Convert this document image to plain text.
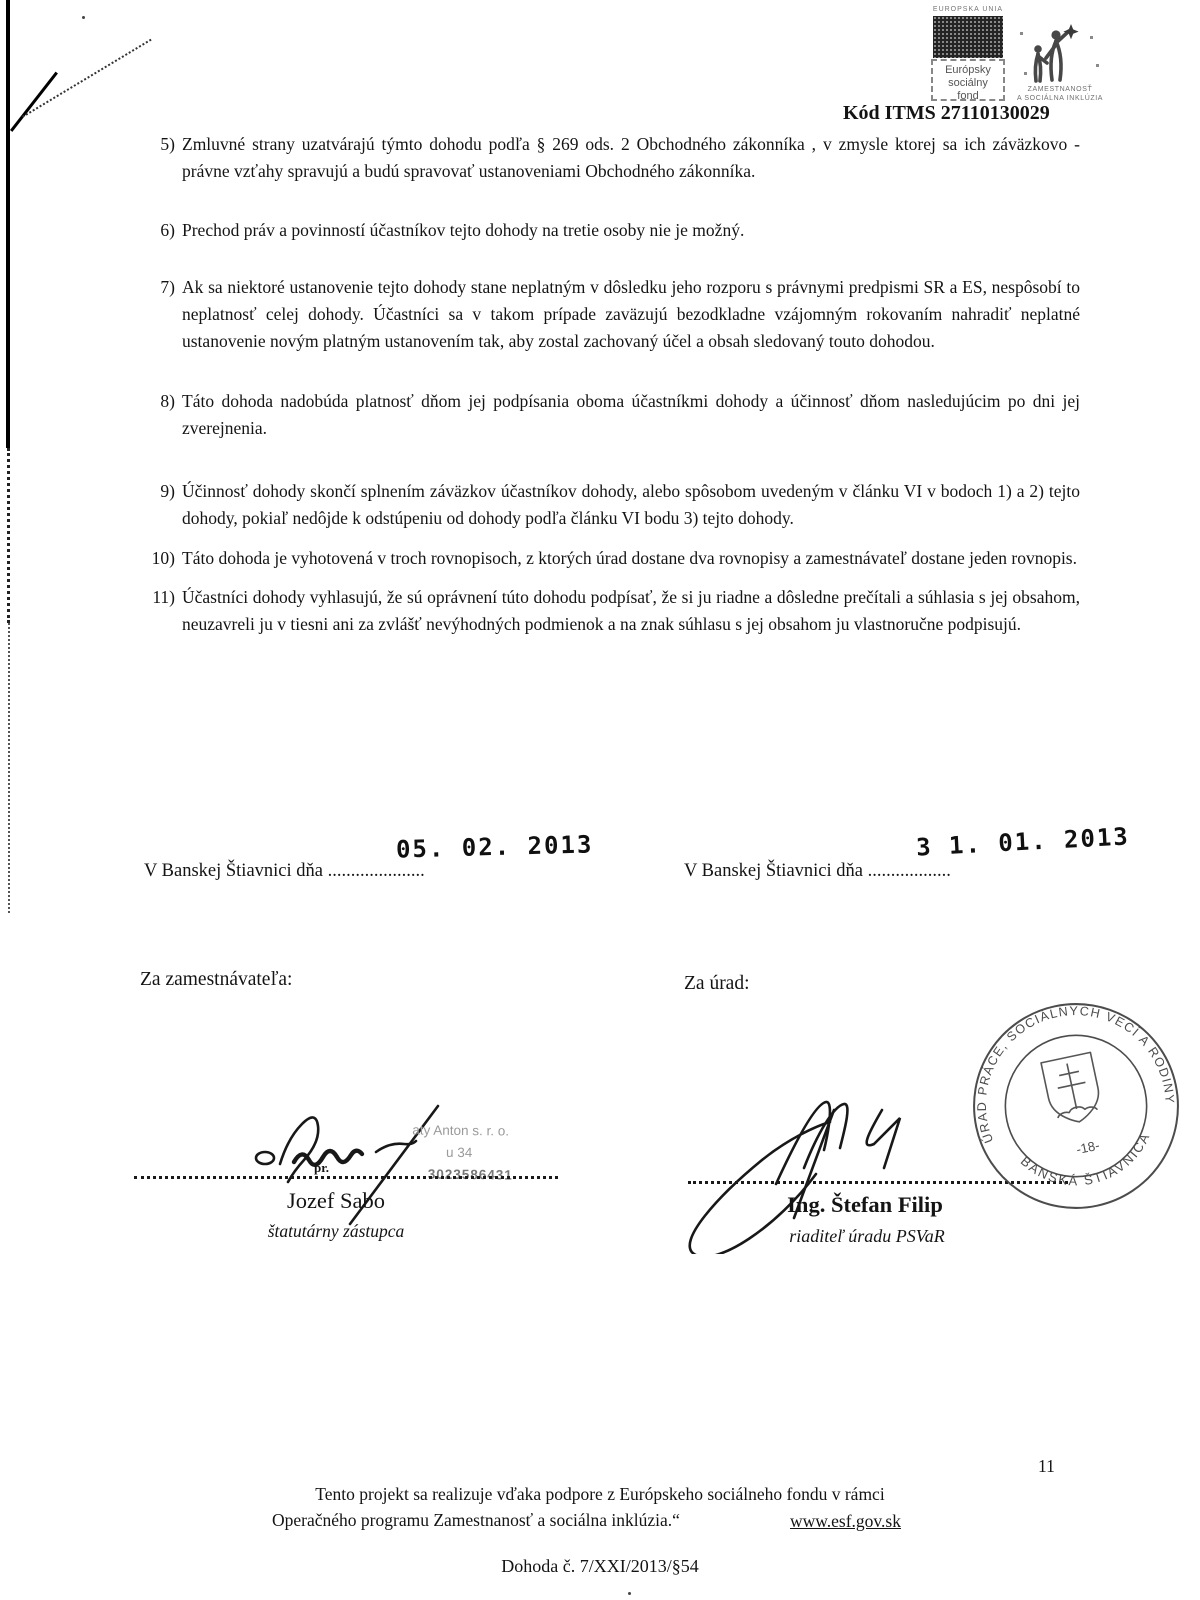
EURÓPSKA ÚNIA
Európsky
sociálny
fond
ZAMESTNANOSŤ
A SOCIÁLNA INKLÚZIA
Kód ITMS 27110130029
5) Zmluvné strany uzatvárajú týmto dohodu podľa § 269 ods. 2 Obchodného zákonníka , v zmysle ktorej sa ich záväzkovo - právne vzťahy spravujú a budú spravovať ustanoveniami Obchodného zákonníka.
6) Prechod práv a povinností účastníkov tejto dohody na tretie osoby nie je možný.
7) Ak sa niektoré ustanovenie tejto dohody stane neplatným v dôsledku jeho rozporu s právnymi predpismi SR a ES, nespôsobí to neplatnosť celej dohody. Účastníci sa v takom prípade zaväzujú bezodkladne vzájomným rokovaním nahradiť neplatné ustanovenie novým platným ustanovením tak, aby zostal zachovaný účel a obsah sledovaný touto dohodou.
8) Táto dohoda nadobúda platnosť dňom jej podpísania oboma účastníkmi dohody a účinnosť dňom nasledujúcim po dni jej zverejnenia.
9) Účinnosť dohody skončí splnením záväzkov účastníkov dohody, alebo spôsobom uvedeným v článku VI v bodoch 1) a 2) tejto dohody, pokiaľ nedôjde k odstúpeniu od dohody podľa článku VI bodu 3) tejto dohody.
10) Táto dohoda je vyhotovená v troch rovnopisoch, z ktorých úrad dostane dva rovnopisy a zamestnávateľ dostane jeden rovnopis.
11) Účastníci dohody vyhlasujú, že sú oprávnení túto dohodu podpísať, že si ju riadne a dôsledne prečítali a súhlasia s jej obsahom, neuzavreli ju v tiesni ani za zvlášť nevýhodných podmienok a na znak súhlasu s jej obsahom ju vlastnoručne podpisujú.
05. 02. 2013	3 1. 01. 2013
V Banskej Štiavnici dňa .....................	V Banskej Štiavnici dňa ..................
Za zamestnávateľa:	Za úrad:
aty Anton s. r. o.
u 34
3023586431
pr.
Jozef Sabo
štatutárny zástupca
Ing. Štefan Filip
riaditeľ úradu PSVaR
ÚRAD PRÁCE, SOCIÁLNYCH VECÍ A RODINY
BANSKÁ ŠTIAVNICA
-18-
11
Tento projekt sa realizuje vďaka podpore z Európskeho sociálneho fondu v rámci
Operačného programu Zamestnanosť a sociálna inklúzia.“	www.esf.gov.sk
Dohoda č. 7/XXI/2013/§54
